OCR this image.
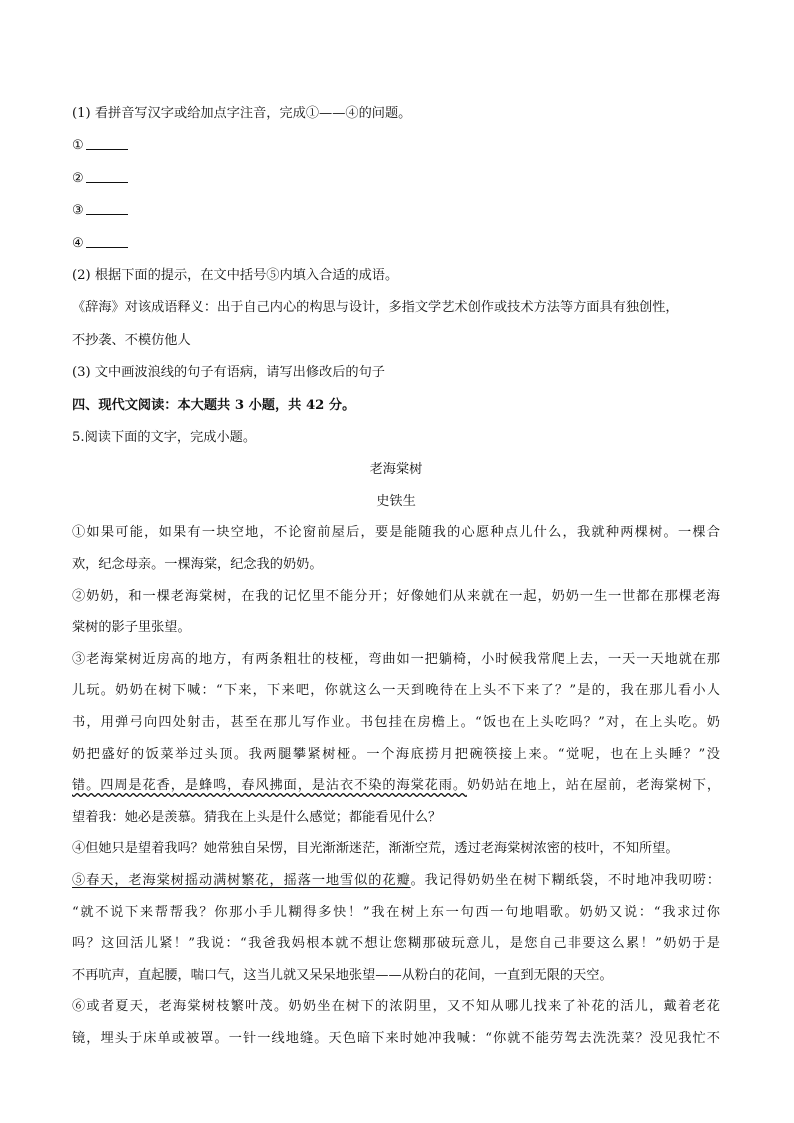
(1) 看拼音写汉字或给加点字注音，完成①——④的问题。
①
②
③
④
(2) 根据下面的提示，在文中括号⑤内填入合适的成语。
《辞海》对该成语释义：出于自己内心的构思与设计，多指文学艺术创作或技术方法等方面具有独创性，
不抄袭、不模仿他人
(3) 文中画波浪线的句子有语病，请写出修改后的句子
四、现代文阅读：本大题共 3 小题，共 42 分。
5.阅读下面的文字，完成小题。
老海棠树
史铁生
①如果可能，如果有一块空地，不论窗前屋后，要是能随我的心愿种点儿什么，我就种两棵树。一棵合
欢，纪念母亲。一棵海棠，纪念我的奶奶。
②奶奶，和一棵老海棠树，在我的记忆里不能分开；好像她们从来就在一起，奶奶一生一世都在那棵老海
棠树的影子里张望。
③老海棠树近房高的地方，有两条粗壮的枝桠，弯曲如一把躺椅，小时候我常爬上去，一天一天地就在那
儿玩。奶奶在树下喊：“下来，下来吧，你就这么一天到晚待在上头不下来了？”是的，我在那儿看小人
书，用弹弓向四处射击，甚至在那儿写作业。书包挂在房檐上。“饭也在上头吃吗？”对，在上头吃。奶
奶把盛好的饭菜举过头顶。我两腿攀紧树桠。一个海底捞月把碗筷接上来。“觉呢，也在上头睡？”没
错。四周是花香，是蜂鸣，春风拂面，是沾衣不染的海棠花雨。奶奶站在地上，站在屋前，老海棠树下，
望着我：她必是羡慕。猜我在上头是什么感觉；都能看见什么？
④但她只是望着我吗？她常独自呆愣，目光渐渐迷茫，渐渐空荒，透过老海棠树浓密的枝叶，不知所望。
⑤春天，老海棠树摇动满树繁花，摇落一地雪似的花瓣。我记得奶奶坐在树下糊纸袋，不时地冲我叨唠：
“就不说下来帮帮我？你那小手儿糊得多快！”我在树上东一句西一句地唱歌。奶奶又说：“我求过你
吗？这回活儿紧！”我说：“我爸我妈根本就不想让您糊那破玩意儿，是您自己非要这么累！”奶奶于是
不再吭声，直起腰，喘口气，这当儿就又呆呆地张望——从粉白的花间，一直到无限的天空。
⑥或者夏天，老海棠树枝繁叶茂。奶奶坐在树下的浓阴里，又不知从哪儿找来了补花的活儿，戴着老花
镜，埋头于床单或被罩。一针一线地缝。天色暗下来时她冲我喊：“你就不能劳驾去洗洗菜？没见我忙不
